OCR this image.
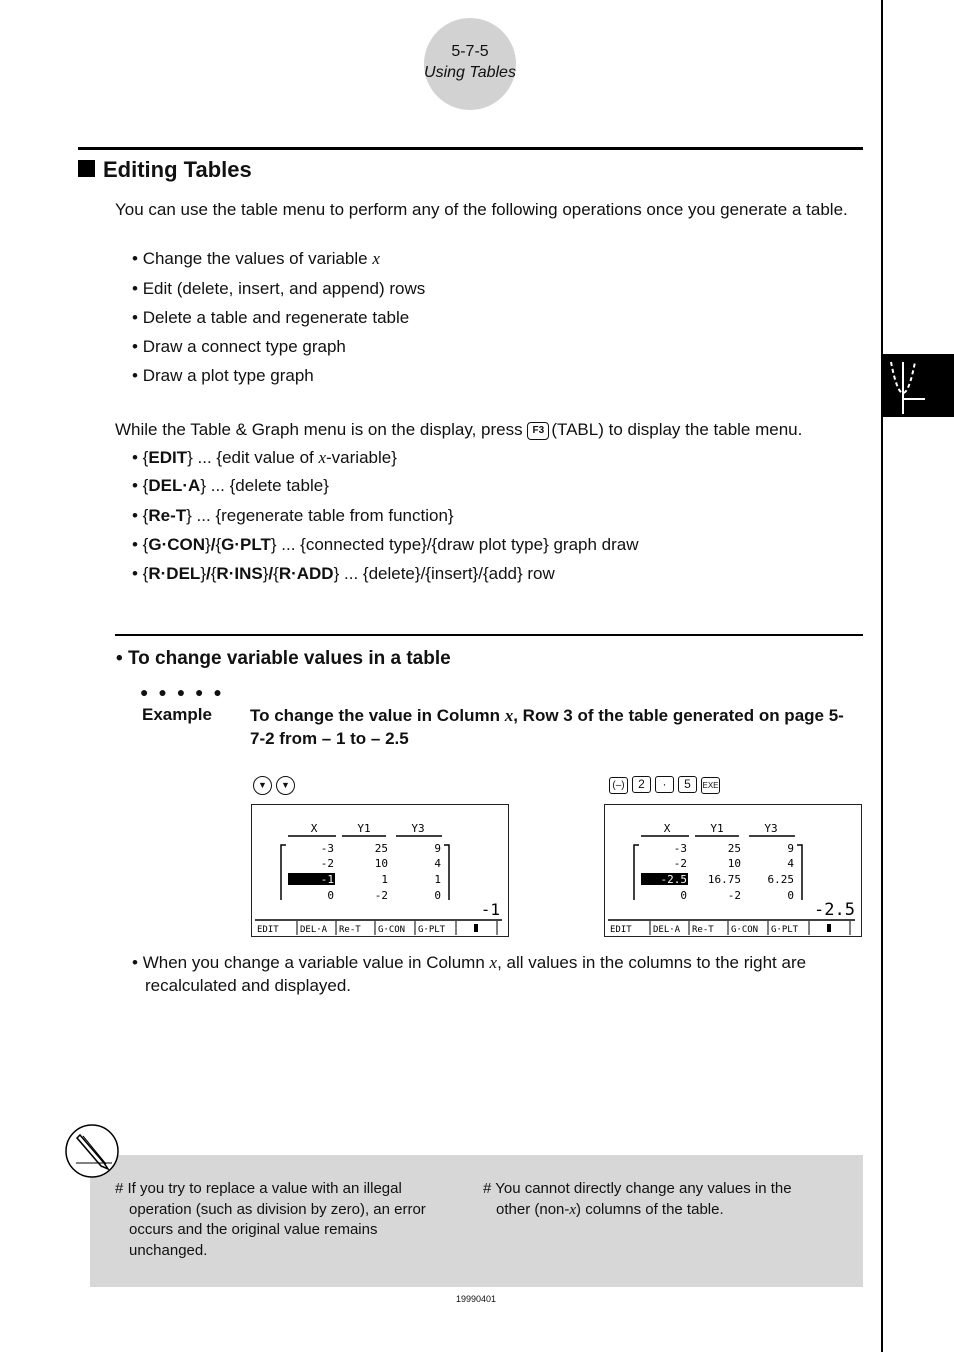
5-7-5
Using Tables
Editing Tables
You can use the table menu to perform any of the following operations once you generate a table.
• Change the values of variable x
• Edit (delete, insert, and append) rows
• Delete a table and regenerate table
• Draw a connect type graph
• Draw a plot type graph
While the Table & Graph menu is on the display, press F3 (TABL) to display the table menu.
• {EDIT} ... {edit value of x-variable}
• {DEL·A} ... {delete table}
• {Re-T} ... {regenerate table from function}
• {G·CON}/{G·PLT} ... {connected type}/{draw plot type} graph draw
• {R·DEL}/{R·INS}/{R·ADD} ... {delete}/{insert}/{add} row
• To change variable values in a table
● ● ● ● ●
Example To change the value in Column x, Row 3 of the table generated on page 5-7-2 from – 1 to – 2.5
▼ ▼	(–) 2 · 5 EXE
X	Y1	Y3
-3	25	9
-2	10	4
-1	1	1
0	-2	0
-1
EDIT DEL·A Re-T G·CON G·PLT
X	Y1	Y3
-3	25	9
-2	10	4
-2.5 16.75 6.25
0	-2	0
-2.5
EDIT DEL·A Re-T G·CON G·PLT
• When you change a variable value in Column x, all values in the columns to the right are recalculated and displayed.
# If you try to replace a value with an illegal operation (such as division by zero), an error occurs and the original value remains unchanged.
# You cannot directly change any values in the other (non-x) columns of the table.
19990401
